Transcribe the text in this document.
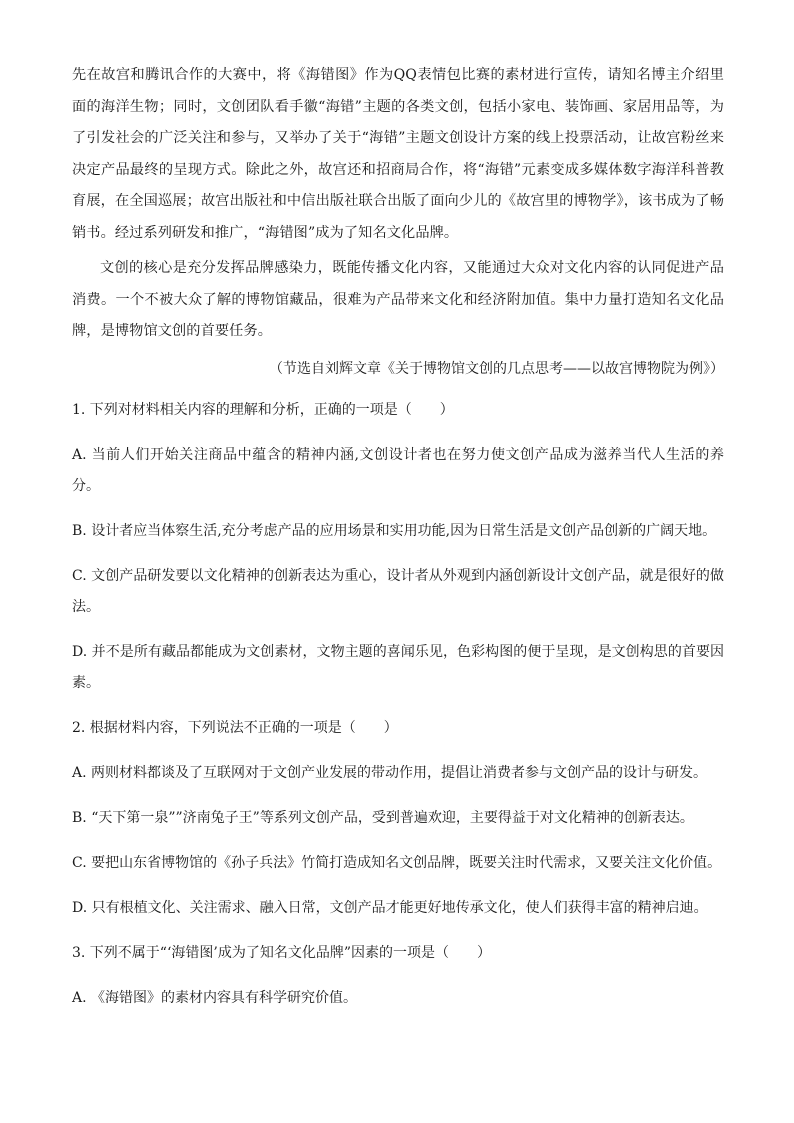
先在故宫和腾讯合作的大赛中，将《海错图》作为QQ表情包比赛的素材进行宣传，请知名博主介绍里面的海洋生物；同时，文创团队看手徽“海错”主题的各类文创，包括小家电、装饰画、家居用品等，为了引发社会的广泛关注和参与，又举办了关于“海错”主题文创设计方案的线上投票活动，让故宫粉丝来决定产品最终的呈现方式。除此之外，故宫还和招商局合作，将“海错”元素变成多媒体数字海洋科普教育展，在全国巡展；故宫出版社和中信出版社联合出版了面向少儿的《故宫里的博物学》，该书成为了畅销书。经过系列研发和推广，“海错图”成为了知名文化品牌。

文创的核心是充分发挥品牌感染力，既能传播文化内容，又能通过大众对文化内容的认同促进产品消费。一个不被大众了解的博物馆藏品，很难为产品带来文化和经济附加值。集中力量打造知名文化品牌，是博物馆文创的首要任务。

（节选自刘辉文章《关于博物馆文创的几点思考——以故宫博物院为例》）

1. 下列对材料相关内容的理解和分析，正确的一项是（　　）

A. 当前人们开始关注商品中蕴含的精神内涵,文创设计者也在努力使文创产品成为滋养当代人生活的养分。

B. 设计者应当体察生活,充分考虑产品的应用场景和实用功能,因为日常生活是文创产品创新的广阔天地。

C. 文创产品研发要以文化精神的创新表达为重心，设计者从外观到内涵创新设计文创产品，就是很好的做法。

D. 并不是所有藏品都能成为文创素材，文物主题的喜闻乐见，色彩构图的便于呈现，是文创构思的首要因素。

2. 根据材料内容，下列说法不正确的一项是（　　）

A. 两则材料都谈及了互联网对于文创产业发展的带动作用，提倡让消费者参与文创产品的设计与研发。

B. “天下第一泉””济南兔子王”等系列文创产品，受到普遍欢迎，主要得益于对文化精神的创新表达。

C. 要把山东省博物馆的《孙子兵法》竹简打造成知名文创品牌，既要关注时代需求，又要关注文化价值。

D. 只有根植文化、关注需求、融入日常，文创产品才能更好地传承文化，使人们获得丰富的精神启迪。

3. 下列不属于“‘海错图’成为了知名文化品牌”因素的一项是（　　）

A. 《海错图》的素材内容具有科学研究价值。
